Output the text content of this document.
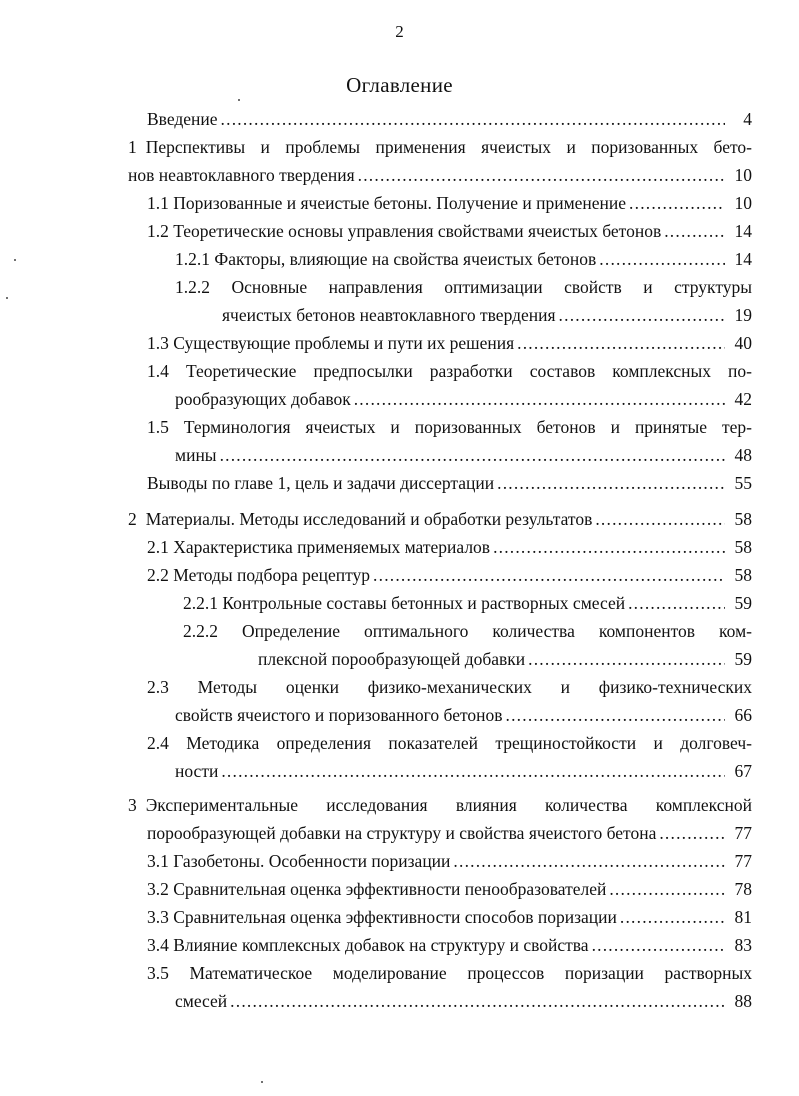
2
Оглавление
Введение .....	4
1 Перспективы и проблемы применения ячеистых и поризованных бето-
нов неавтоклавного твердения .....	10
1.1 Поризованные и ячеистые бетоны. Получение и применение .....	10
1.2 Теоретические основы управления свойствами ячеистых бетонов .....	14
1.2.1 Факторы, влияющие на свойства ячеистых бетонов .....	14
1.2.2 Основные направления оптимизации свойств и структуры
ячеистых бетонов неавтоклавного твердения .....	19
1.3 Существующие проблемы и пути их решения .....	40
1.4 Теоретические предпосылки разработки составов комплексных по-
рообразующих добавок .....	42
1.5 Терминология ячеистых и поризованных бетонов и принятые тер-
мины .....	48
Выводы по главе 1, цель и задачи диссертации .....	55
2 Материалы. Методы исследований и обработки результатов .....	58
2.1 Характеристика применяемых материалов .....	58
2.2 Методы подбора рецептур .....	58
2.2.1 Контрольные составы бетонных и растворных смесей .....	59
2.2.2 Определение оптимального количества компонентов ком-
плексной порообразующей добавки .....	59
2.3 Методы оценки физико-механических и физико-технических
свойств ячеистого и поризованного бетонов .....	66
2.4 Методика определения показателей трещиностойкости и долговеч-
ности .....	67
3 Экспериментальные исследования влияния количества комплексной
порообразующей добавки на структуру и свойства ячеистого бетона .....	77
3.1 Газобетоны. Особенности поризации .....	77
3.2 Сравнительная оценка эффективности пенообразователей .....	78
3.3 Сравнительная оценка эффективности способов поризации .....	81
3.4 Влияние комплексных добавок на структуру и свойства .....	83
3.5 Математическое моделирование процессов поризации растворных
смесей .....	88
